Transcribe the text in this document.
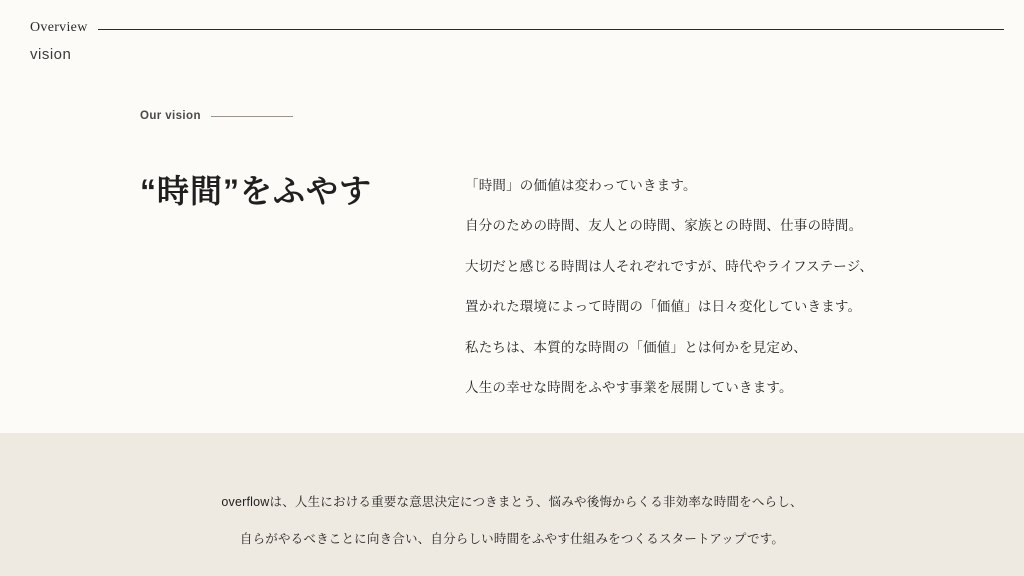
Overview
vision
Our vision
“時間”をふやす	「時間」の価値は変わっていきます。

自分のための時間、友人との時間、家族との時間、仕事の時間。

大切だと感じる時間は人それぞれですが、時代やライフステージ、

置かれた環境によって時間の「価値」は日々変化していきます。

私たちは、本質的な時間の「価値」とは何かを見定め、

人生の幸せな時間をふやす事業を展開していきます。

overflowは、人生における重要な意思決定につきまとう、悩みや後悔からくる非効率な時間をへらし、

自らがやるべきことに向き合い、自分らしい時間をふやす仕組みをつくるスタートアップです。
